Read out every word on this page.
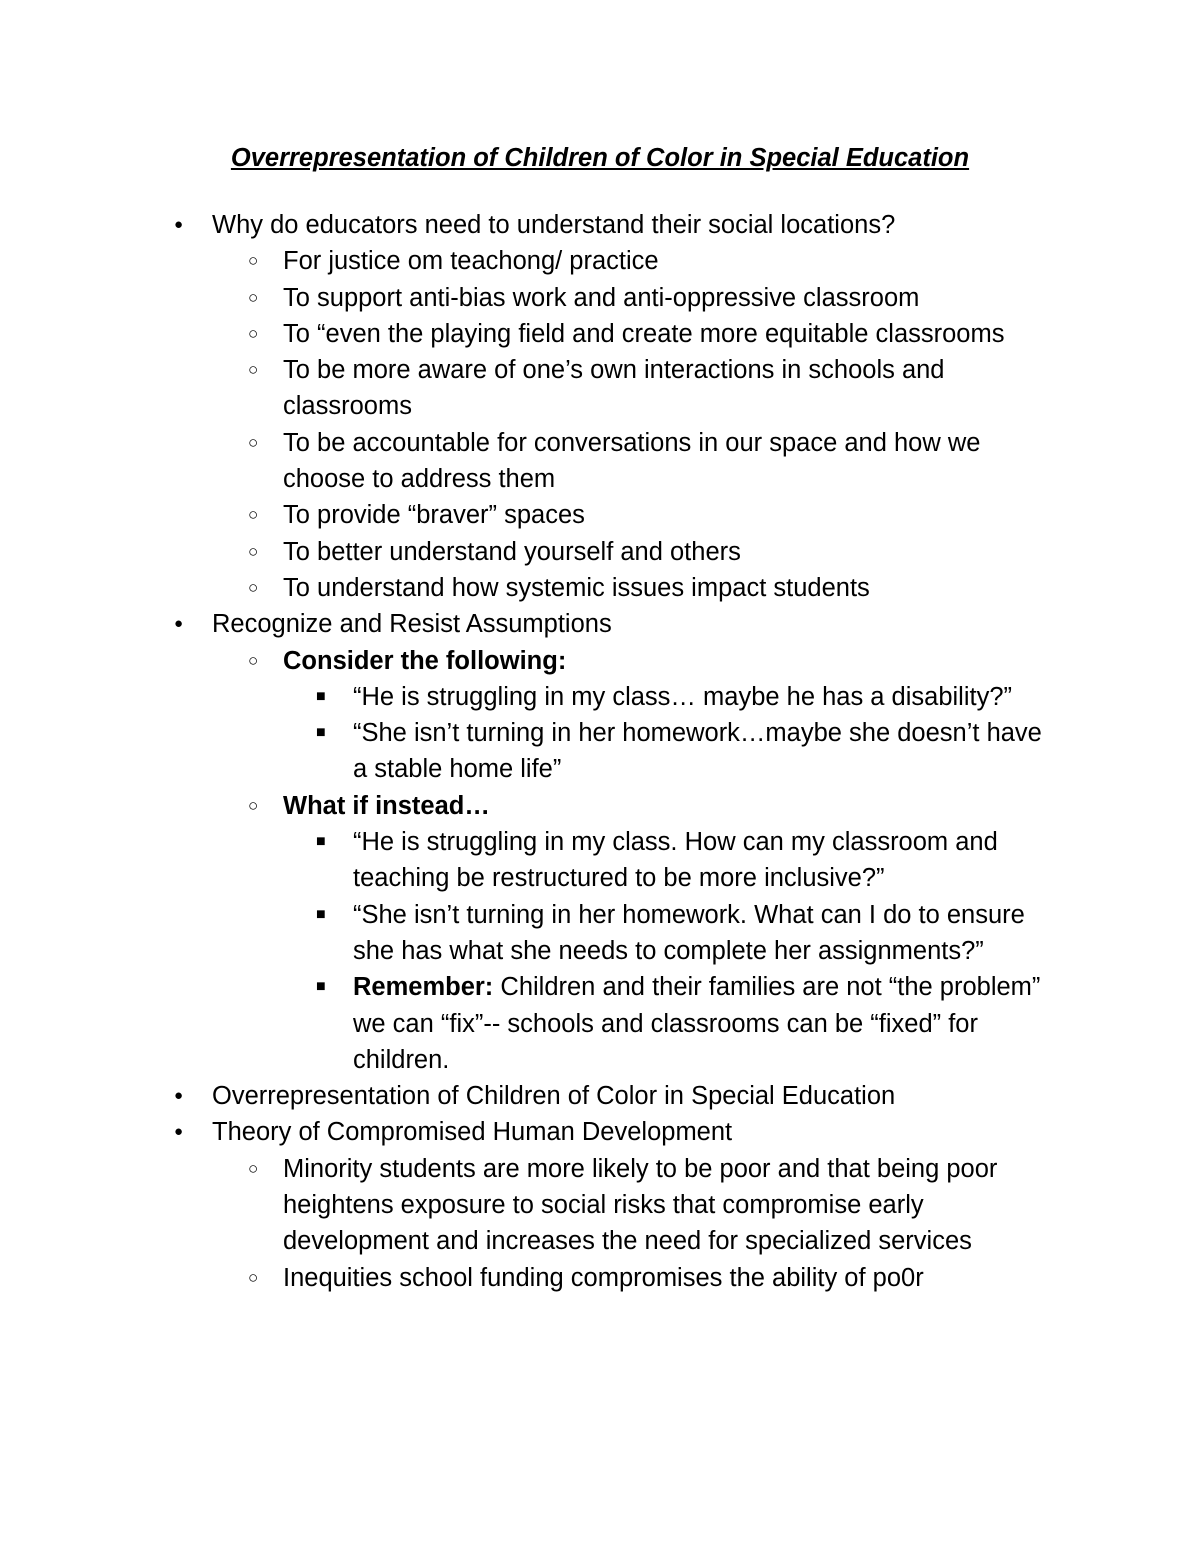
Overrepresentation of Children of Color in Special Education
● Why do educators need to understand their social locations?
○ For justice om teachong/ practice
○ To support anti-bias work and anti-oppressive classroom
○ To “even the playing field and create more equitable classrooms
○ To be more aware of one’s own interactions in schools and classrooms
○ To be accountable for conversations in our space and how we choose to address them
○ To provide “braver” spaces
○ To better understand yourself and others
○ To understand how systemic issues impact students
● Recognize and Resist Assumptions
○ Consider the following:
■ “He is struggling in my class… maybe he has a disability?”
■ “She isn’t turning in her homework…maybe she doesn’t have a stable home life”
○ What if instead…
■ “He is struggling in my class. How can my classroom and teaching be restructured to be more inclusive?”
■ “She isn’t turning in her homework. What can I do to ensure she has what she needs to complete her assignments?”
■ Remember: Children and their families are not “the problem” we can “fix”-- schools and classrooms can be “fixed” for children.
● Overrepresentation of Children of Color in Special Education
● Theory of Compromised Human Development
○ Minority students are more likely to be poor and that being poor heightens exposure to social risks that compromise early development and increases the need for specialized services
○ Inequities school funding compromises the ability of po0r
